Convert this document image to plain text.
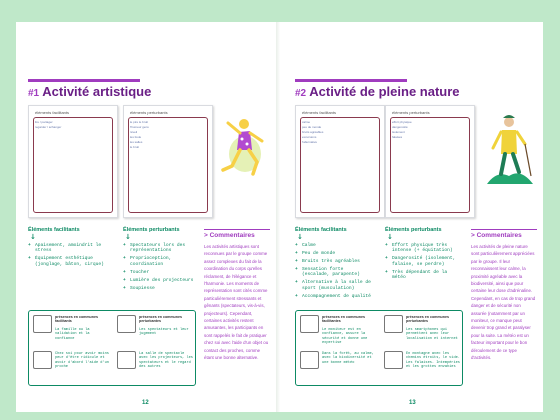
#1 Activité artistique
éléments facilitants
lire / partager
regarder / échanger
éléments perturbants
le pire le bruit
l'humeur gens
réveil
les foule
les salles
le bruit
Éléments facilitants
↓
+ Apaisement, amoindrit le stress
+ Équipement esthétique (jonglage, bâton, cirque)
Éléments perturbants
↓
+ Spectateurs lors des représentations
+ Proprioception, coordination
+ Toucher
+ Lumière des projecteurs
+ Soupiesse
> Commentaires
Les activités artistiques sont reconnues par le groupe comme assez complexes du fait de la coordination du corps qu'elles réclament, de l'élégance et l'harmonie. Les moments de représentation sont cités comme particulièrement stressants et gênants (spectateurs, vis-à-vis, projecteurs). Cependant, certaines activités restent amusantes, les participants en sont rappelés le fait de pratiquer chez soi avec l'aide d'un objet ou contact des proches, comme étant une bonne alternative.
présences en communes facilitants
La famille ou la validation et la confiance
présences en communes perturbantes
Les spectateurs et leur jugement
Chez soi pour avoir moins peur d'être ridicule et avoir d'abord l'aide d'un proche
La salle de spectacle avec les projecteurs, les spectateurs et le regard des autres
12
#2 Activité de pleine nature
éléments facilitants
calme
peu de monde
bruits agréables
excursions
l'alternative
éléments perturbants
effort physique
dangerosité
isolement
falaises
Éléments facilitants
↓
+ Calme
+ Peu de monde
+ Bruits très agréables
+ Sensation forte (escalade, parapente)
+ Alternative à la salle de sport (musculation)
+ Accompagnement de qualité
Éléments perturbants
↓
+ Effort physique très intense (+ équitation)
+ Dangerosité (isolement, falaise, se perdre)
+ Très dépendant de la météo
> Commentaires
Les activités de pleine nature sont particulièrement appréciées par le groupe. Il leur reconnaissent leur calme, la proximité agréable avec la biodiversité, ainsi que pour certaine leur dose d'adrénaline. Cependant, en cas de trop grand danger et de sécurité non assurée (notamment par un moniteur, ce manque peut devenir trop grand et paralyser pour la suite. La météo est un facteur important pour le bon déroulement de ce type d'activités.
présences en communes facilitantes
Le moniteur est en confiance, assure la sécurité et donne une expertise
présences en communes perturbantes
Les smartphones qui permettent avec leur localisation et internet
Dans la forêt, au calme, avec la biodiversité et une bonne météo
En montagne avec les chemins étroits, le vide. Les falaises. Intempéries et les grottes envahies
13
